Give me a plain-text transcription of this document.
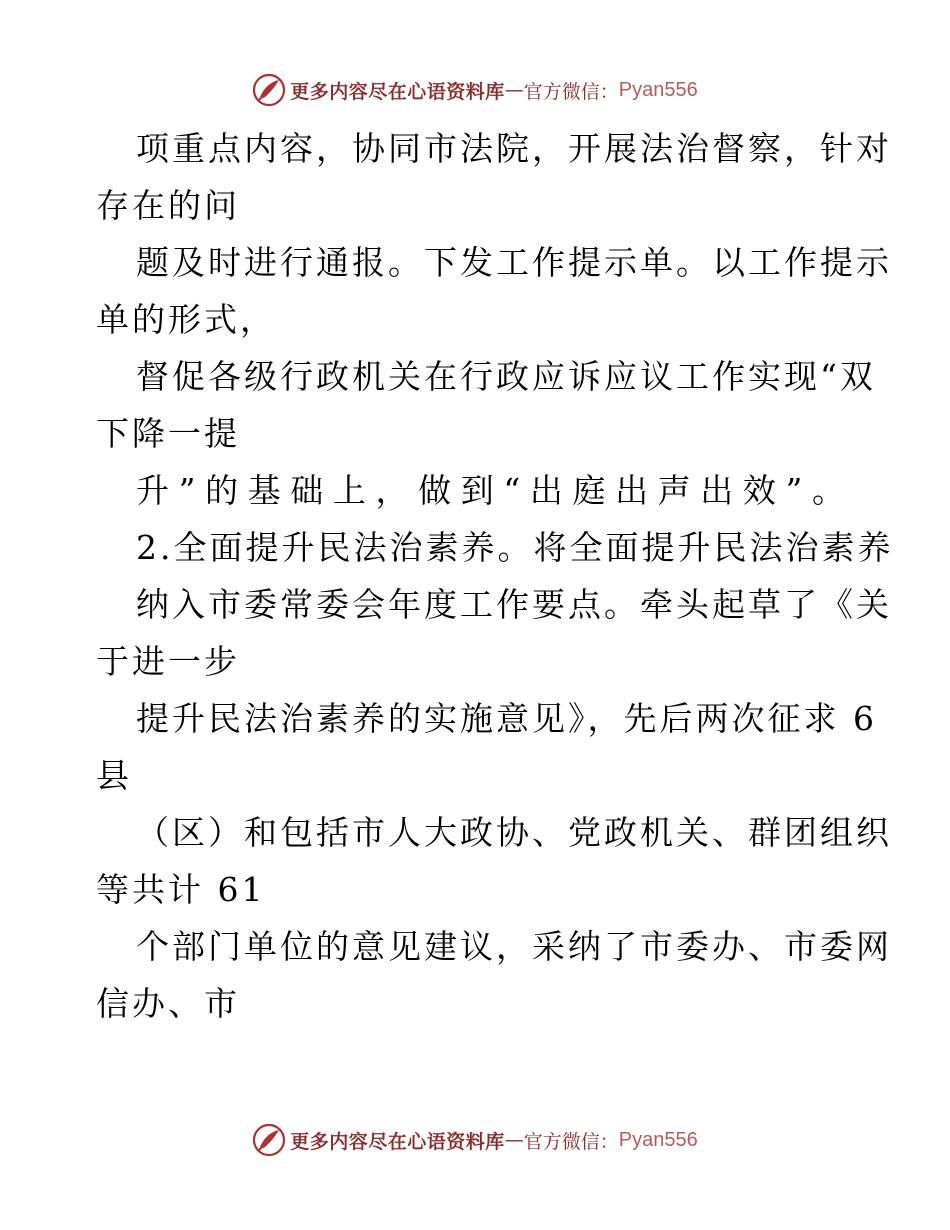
更多内容尽在心语资料库 — 官方微信： Pyan556
项重点内容，协同市法院，开展法治督察，针对
存在的问
题及时进行通报。下发工作提示单。以工作提示
单的形式，
督促各级行政机关在行政应诉应议工作实现“双
下降一提
升”的基础上，做到“出庭出声出效”。
2.全面提升民法治素养。将全面提升民法治素养
纳入市委常委会年度工作要点。牵头起草了《关
于进一步
提升民法治素养的实施意见》，先后两次征求 6
县
（区）和包括市人大政协、党政机关、群团组织
等共计 61
个部门单位的意见建议，采纳了市委办、市委网
信办、市
更多内容尽在心语资料库 — 官方微信： Pyan556
